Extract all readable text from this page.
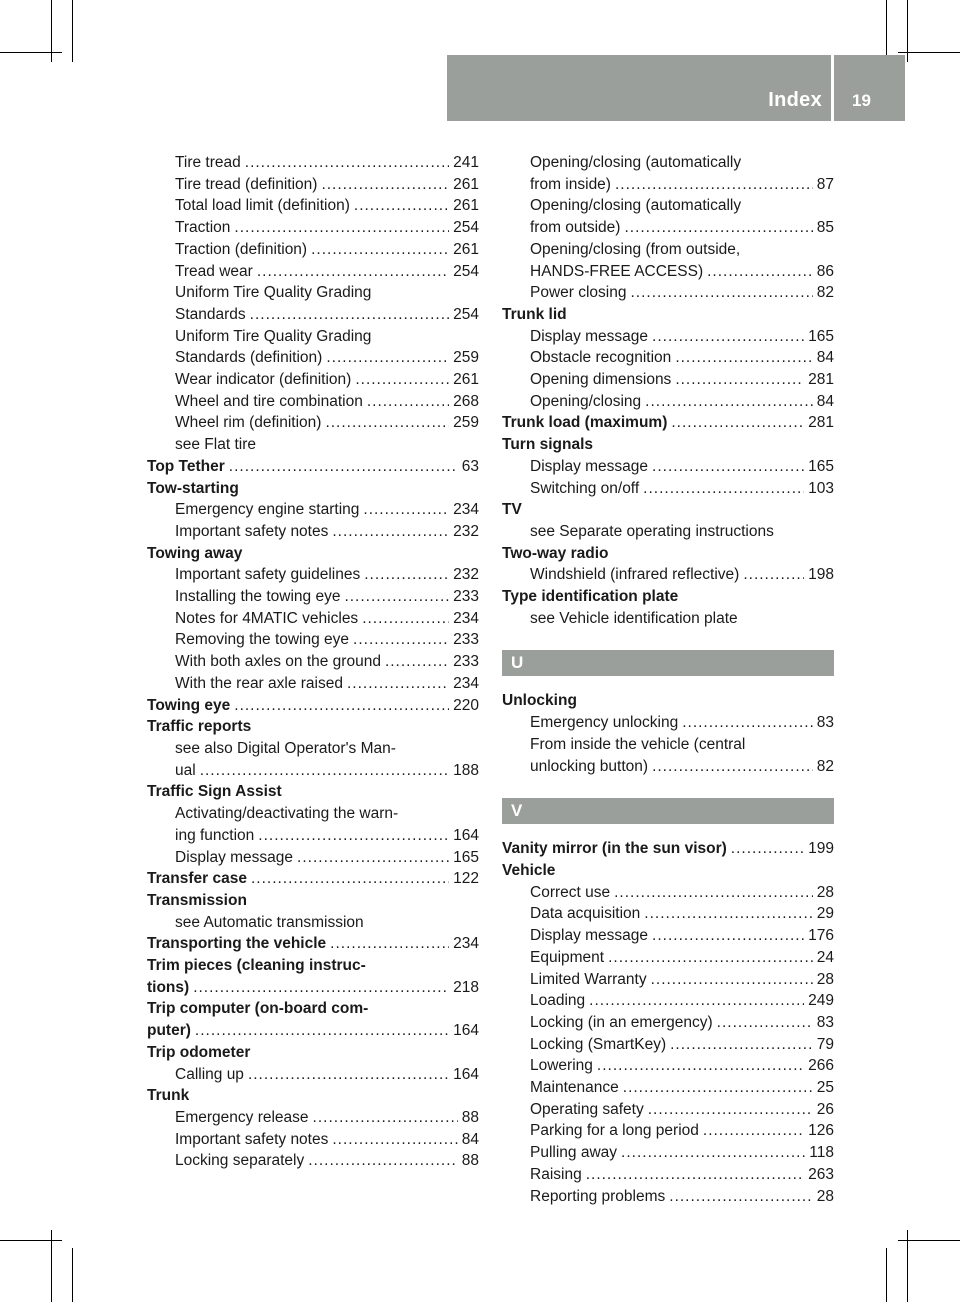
Index 19
Tire tread .....	241
Tire tread (definition) .....	261
Total load limit (definition) .....	261
Traction .....	254
Traction (definition) .....	261
Tread wear .....	254
Uniform Tire Quality Grading
Standards .....	254
Uniform Tire Quality Grading
Standards (definition) .....	259
Wear indicator (definition) .....	261
Wheel and tire combination .....	268
Wheel rim (definition) .....	259
see Flat tire
Top Tether .....	63
Tow-starting
Emergency engine starting .....	234
Important safety notes .....	232
Towing away
Important safety guidelines .....	232
Installing the towing eye .....	233
Notes for 4MATIC vehicles .....	234
Removing the towing eye .....	233
With both axles on the ground .....	233
With the rear axle raised .....	234
Towing eye .....	220
Traffic reports
see also Digital Operator's Man-
ual .....	188
Traffic Sign Assist
Activating/deactivating the warn-
ing function .....	164
Display message .....	165
Transfer case .....	122
Transmission
see Automatic transmission
Transporting the vehicle .....	234
Trim pieces (cleaning instruc-
tions) .....	218
Trip computer (on-board com-
puter) .....	164
Trip odometer
Calling up .....	164
Trunk
Emergency release .....	88
Important safety notes .....	84
Locking separately .....	88
Opening/closing (automatically
from inside) .....	87
Opening/closing (automatically
from outside) .....	85
Opening/closing (from outside,
HANDS-FREE ACCESS) .....	86
Power closing .....	82
Trunk lid
Display message .....	165
Obstacle recognition .....	84
Opening dimensions .....	281
Opening/closing .....	84
Trunk load (maximum) .....	281
Turn signals
Display message .....	165
Switching on/off .....	103
TV
see Separate operating instructions
Two-way radio
Windshield (infrared reflective) .....	198
Type identification plate
see Vehicle identification plate
U
Unlocking
Emergency unlocking .....	83
From inside the vehicle (central
unlocking button) .....	82
V
Vanity mirror (in the sun visor) .....	199
Vehicle
Correct use .....	28
Data acquisition .....	29
Display message .....	176
Equipment .....	24
Limited Warranty .....	28
Loading .....	249
Locking (in an emergency) .....	83
Locking (SmartKey) .....	79
Lowering .....	266
Maintenance .....	25
Operating safety .....	26
Parking for a long period .....	126
Pulling away .....	118
Raising .....	263
Reporting problems .....	28
